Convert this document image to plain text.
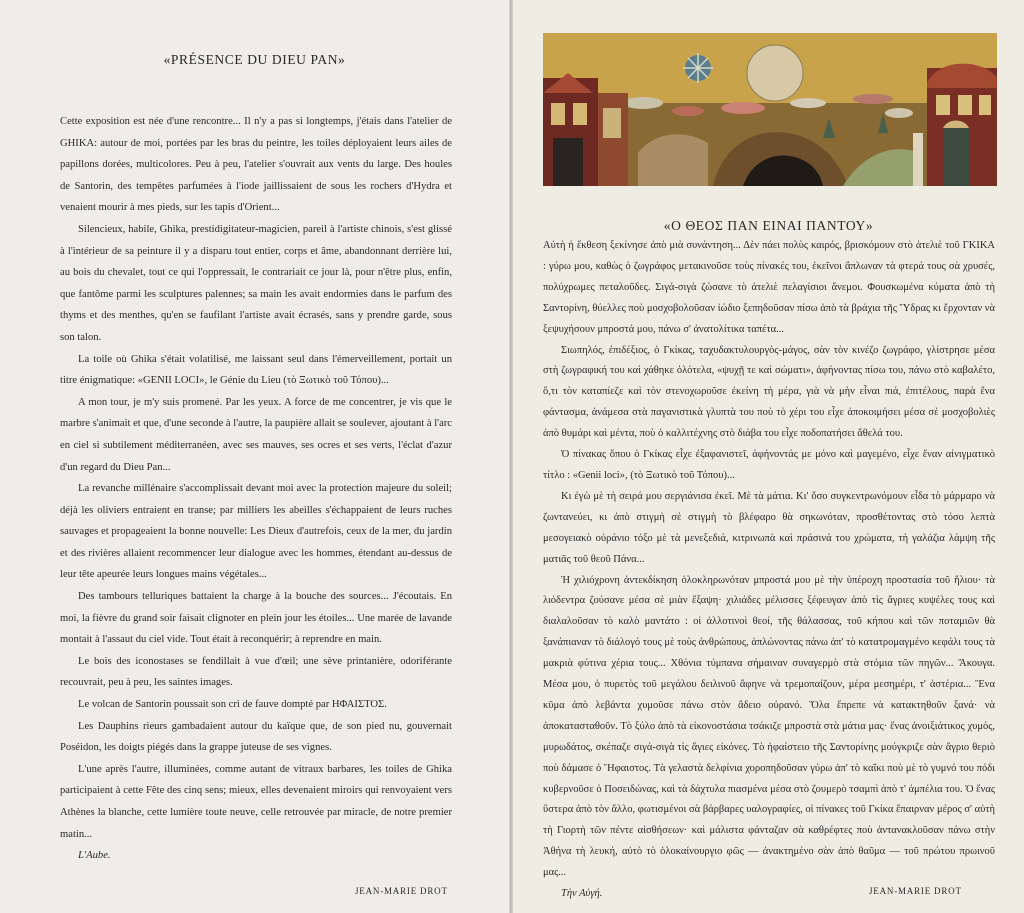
«PRÉSENCE DU DIEU PAN»

Cette exposition est née d'une rencontre... Il n'y a pas si longtemps, j'étais dans l'atelier de GHIKA: autour de moi, portées par les bras du peintre, les toiles déployaient leurs ailes de papillons dorées, multicolores. Peu à peu, l'atelier s'ouvrait aux vents du large. Des houles de Santorin, des tempêtes parfumées à l'iode jaillissaient de sous les rochers d'Hydra et venaient mourir à mes pieds, sur les tapis d'Orient...

Silencieux, habile, Ghika, prestidigitateur-magicien, pareil à l'artiste chinois, s'est glissé à l'intérieur de sa peinture il y a disparu tout entier, corps et âme, abandonnant derrière lui, au bois du chevalet, tout ce qui l'oppressait, le contrariait ce jour là, pour n'être plus, enfin, que fantôme parmi les sculptures palennes; sa main les avait endormies dans le parfum des thyms et des menthes, qu'en se faufilant l'artiste avait écrasés, sans y prendre garde, sous son talon.

La toile où Ghika s'était volatilisé, me laissant seul dans l'émerveillement, portait un titre énigmatique: «GENII LOCI», le Génie du Lieu (τὸ Ξωτικὸ τοῦ Τόπου)...

A mon tour, je m'y suis promené. Par les yeux. A force de me concentrer, je vis que le marbre s'animait et que, d'une seconde à l'autre, la paupière allait se soulever, ajoutant à l'arc en ciel si subtilement méditerranéen, avec ses mauves, ses ocres et ses verts, l'éclat d'azur d'un regard du Dieu Pan...

La revanche millénaire s'accomplissait devant moi avec la protection majeure du soleil; déjà les oliviers entraient en transe; par milliers les abeilles s'échappaient de leurs ruches sauvages et propageaient la bonne nouvelle: Les Dieux d'autrefois, ceux de la mer, du jardin et des rivières allaient recommencer leur dialogue avec les hommes, étendant au-dessus de leur tête apeurée leurs longues mains végétales...

Des tambours telluriques battaient la charge à la bouche des sources... J'écoutais. En moi, la fièvre du grand soir faisait clignoter en plein jour les étoiles... Une marée de lavande montait à l'assaut du ciel vide. Tout était à reconquérir; à reprendre en main.

Le bois des iconostases se fendillait à vue d'œil; une sève printanière, odoriférante recouvrait, peu à peu, les saintes images.

Le volcan de Santorin poussait son cri de fauve dompté par ΗΦΑΙΣΤΟΣ.

Les Dauphins rieurs gambadaient autour du kaïque que, de son pied nu, gouvernait Poséidon, les doigts piégés dans la grappe juteuse de ses vignes.

L'une après l'autre, illuminées, comme autant de vitraux barbares, les toiles de Ghika participaient à cette Fête des cinq sens; mieux, elles devenaient miroirs qui renvoyaient vers Athènes la blanche, cette lumière toute neuve, celle retrouvée par miracle, de notre premier matin...

L'Aube.

JEAN-MARIE DROT
«Ο ΘΕΟΣ ΠΑΝ ΕΙΝΑΙ ΠΑΝΤΟΥ»

Αὐτὴ ἡ ἔκθεση ξεκίνησε ἀπὸ μιὰ συνάντηση... Δὲν πάει πολὺς καιρός, βρισκόμουν στὸ ἀτελιὲ τοῦ ΓΚΙΚΑ : γύρω μου, καθὼς ὁ ζωγράφος μετακινοῦσε τοὺς πίνακές του, ἐκεῖνοι ἄπλωναν τὰ φτερά τους σὰ χρυσές, πολύχρωμες πεταλοῦδες. Σιγά-σιγὰ ζώσανε τὸ ἀτελιὲ πελαγίσιοι ἄνεμοι. Φουσκωμένα κύματα ἀπὸ τὴ Σαντορίνη, θύελλες ποὺ μοσχοβολοῦσαν ἰώδιο ξεπηδοῦσαν πίσω ἀπὸ τὰ βράχια τῆς Ὕδρας κι ἔρχονταν νὰ ξεψυχήσουν μπροστά μου, πάνω σ' ἀνατολίτικα ταπέτα...

Σιωπηλός, ἐπιδέξιος, ὁ Γκίκας, ταχυδακτυλουργὸς-μάγος, σὰν τὸν κινέζο ζωγράφο, γλίστρησε μέσα στὴ ζωγραφική του καὶ χάθηκε ὁλότελα, «ψυχῇ τε καὶ σώματι», ἀφήνοντας πίσω του, πάνω στὸ καβαλέτο, ὅ,τι τὸν καταπίεζε καὶ τὸν στενοχωροῦσε ἐκείνη τὴ μέρα, γιὰ νὰ μὴν εἶναι πιά, ἐπιτέλους, παρὰ ἕνα φάντασμα, ἀνάμεσα στὰ παγανιστικὰ γλυπτὰ του ποὺ τὸ χέρι του εἶχε ἀποκοιμήσει μέσα σὲ μοσχοβολιὲς ἀπὸ θυμάρι καὶ μέντα, ποὺ ὁ καλλιτέχνης στὸ διάβα του εἶχε ποδοπατήσει ἄθελά του.

Ὁ πίνακας ὅπου ὁ Γκίκας εἶχε ἐξαφανιστεῖ, ἀφήνοντάς με μόνο καὶ μαγεμένο, εἶχε ἕναν αἰνιγματικὸ τίτλο : «Genii loci», (τὸ Ξωτικὸ τοῦ Τόπου)...

Κι ἐγὼ μὲ τὴ σειρά μου σεργιάνισα ἐκεῖ. Μὲ τὰ μάτια. Κι' ὅσο συγκεντρωνόμουν εἶδα τὸ μάρμαρο νὰ ζωντανεύει, κι ἀπὸ στιγμὴ σὲ στιγμὴ τὸ βλέφαρο θὰ σηκωνόταν, προσθέτοντας στὸ τόσο λεπτὰ μεσογειακὸ οὐράνιο τόξο μὲ τὰ μενεξεδιά, κιτρινωπὰ καὶ πράσινά του χρώματα, τὴ γαλάζια λάμψη τῆς ματιᾶς τοῦ θεοῦ Πάνα...

Ἡ χιλιόχρονη ἀντεκδίκηση ὁλοκληρωνόταν μπροστά μου μὲ τὴν ὑπέροχη προστασία τοῦ ἥλιου· τὰ λιόδεντρα ζούσανε μέσα σὲ μιὰν ἔξαψη· χιλιάδες μέλισσες ξέφευγαν ἀπὸ τὶς ἄγριες κυψέλες τους καὶ διαλαλοῦσαν τὸ καλὸ μαντάτο : οἱ ἀλλοτινοὶ θεοί, τῆς θάλασσας, τοῦ κήπου καὶ τῶν ποταμιῶν θὰ ξανάπιαναν τὸ διάλογό τους μὲ τοὺς ἀνθρώπους, ἁπλώνοντας πάνω ἀπ' τὸ κατατρομαγμένο κεφάλι τους τὰ μακριὰ φύτινα χέρια τους... Χθόνια τύμπανα σήμαιναν συναγερμὸ στὰ στόμια τῶν πηγῶν... Ἄκουγα. Μέσα μου, ὁ πυρετὸς τοῦ μεγάλου δειλινοῦ ἄφηνε νὰ τρεμοπαίζουν, μέρα μεσημέρι, τ' ἀστέρια... Ἕνα κῦμα ἀπὸ λεβάντα χυμοῦσε πάνω στὸν ἄδειο οὐρανό. Ὅλα ἔπρεπε νὰ κατακτηθοῦν ξανά· νὰ ἀποκατασταθοῦν. Τὸ ξύλο ἀπὸ τὰ εἰκονοστάσια τσάκιζε μπροστὰ στὰ μάτια μας· ἕνας ἀνοιξιάτικος χυμός, μυρωδάτος, σκέπαζε σιγά-σιγὰ τὶς ἅγιες εἰκόνες. Τὸ ἡφαίστειο τῆς Σαντορίνης μούγκριζε σὰν ἄγριο θεριὸ ποὺ δάμασε ὁ Ἥφαιστος. Τὰ γελαστὰ δελφίνια χοροπηδοῦσαν γύρω ἀπ' τὸ καΐκι ποὺ μὲ τὸ γυμνό του πόδι κυβερνοῦσε ὁ Ποσειδώνας, καὶ τὰ δάχτυλα πιασμένα μέσα στὸ ζουμερὸ τσαμπὶ ἀπὸ τ' ἀμπέλια του. Ὁ ἕνας ὕστερα ἀπὸ τὸν ἄλλο, φωτισμένοι σὰ βάρβαρες υαλογραφίες, οἱ πίνακες τοῦ Γκίκα ἔπαιρναν μέρος σ' αὐτὴ τὴ Γιορτὴ τῶν πέντε αἰσθήσεων· καὶ μάλιστα φάνταζαν σὰ καθρέφτες ποὺ ἀντανακλοῦσαν πάνω στὴν Ἀθήνα τὴ λευκή, αὐτὸ τὸ ὁλοκαίνουργιο φῶς — ἀνακτημένο σὰν ἀπὸ θαῦμα — τοῦ πρώτου πρωινοῦ μας...

Τὴν Αὐγή.	JEAN-MARIE DROT
